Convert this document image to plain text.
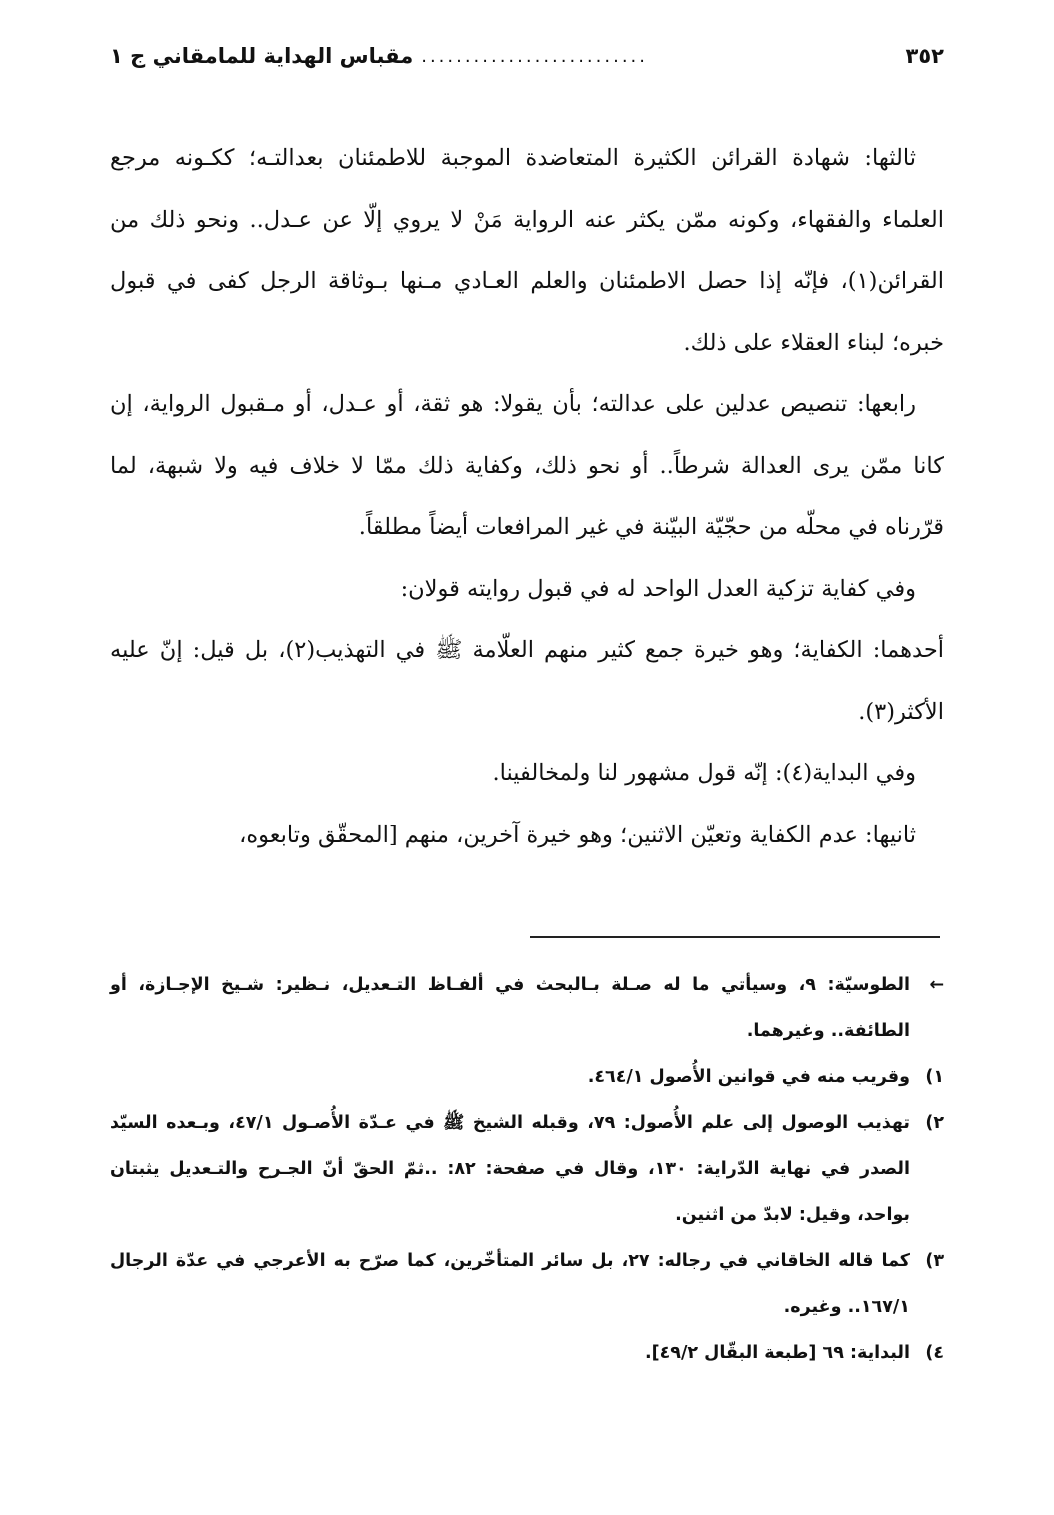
٣٥٢
..........................
مقباس الهداية للمامقاني ج ١

ثالثها: شهادة القرائن الكثيرة المتعاضدة الموجبة للاطمئنان بعدالتـه؛ ككـونه مرجع العلماء والفقهاء، وكونه ممّن يكثر عنه الرواية مَنْ لا يروي إلّا عن عـدل.. ونحو ذلك من القرائن(١)، فإنّه إذا حصل الاطمئنان والعلم العـادي مـنها بـوثاقة الرجل كفى في قبول خبره؛ لبناء العقلاء على ذلك.

رابعها: تنصيص عدلين على عدالته؛ بأن يقولا: هو ثقة، أو عـدل، أو مـقبول الرواية، إن كانا ممّن يرى العدالة شرطاً.. أو نحو ذلك، وكفاية ذلك ممّا لا خلاف فيه ولا شبهة، لما قرّرناه في محلّه من حجّيّة البيّنة في غير المرافعات أيضاً مطلقاً.

وفي كفاية تزكية العدل الواحد له في قبول روايته قولان:

أحدهما: الكفاية؛ وهو خيرة جمع كثير منهم العلّامة ﷺ في التهذيب(٢)، بل قيل: إنّ عليه الأكثر(٣).

وفي البداية(٤): إنّه قول مشهور لنا ولمخالفينا.

ثانيها: عدم الكفاية وتعيّن الاثنين؛ وهو خيرة آخرين، منهم [المحقّق وتابعوه،

←
الطوسيّة: ٩، وسيأتي ما له صـلة بـالبحث في ألفـاظ التـعديل، نـظير: شـيخ الإجـازة، أو الطائفة.. وغيرهما.

١)
وقريب منه في قوانين الأُصول ٤٦٤/١.

٢)
تهذيب الوصول إلى علم الأُصول: ٧٩، وقبله الشيخ ﷺ في عـدّة الأُصـول ٤٧/١، وبـعده السيّد الصدر في نهاية الدّراية: ١٣٠، وقال في صفحة: ٨٢: ..ثمّ الحقّ أنّ الجـرح والتـعديل يثبتان بواحد، وقيل: لابدّ من اثنين.

٣)
كما قاله الخاقاني في رجاله: ٢٧، بل سائر المتأخّرين، كما صرّح به الأعرجي في عدّة الرجال ١٦٧/١.. وغيره.

٤)
البداية: ٦٩ [طبعة البقّال ٤٩/٢].
